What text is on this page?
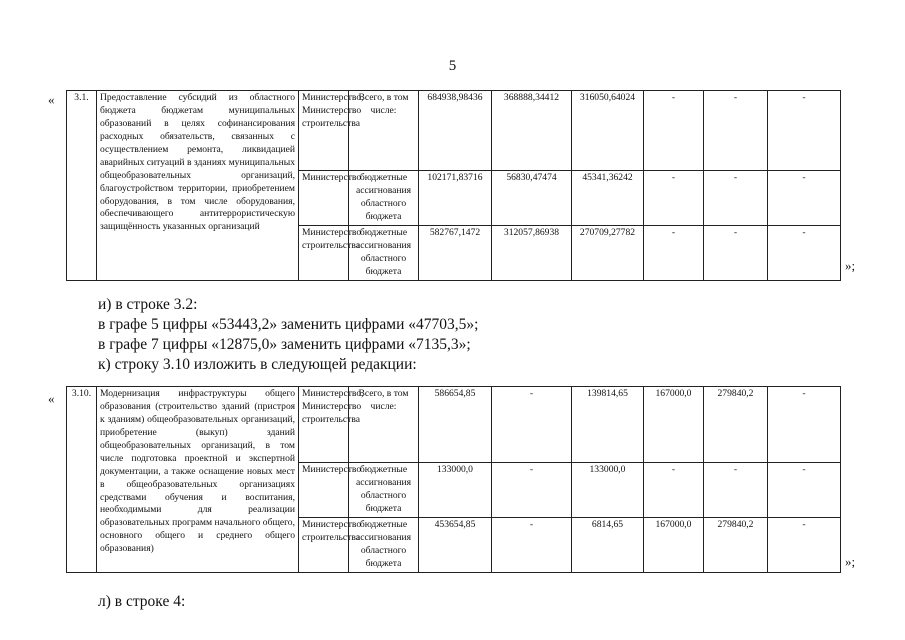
5
« 3.1.	Предоставление субсидий из областного бюджета бюджетам муниципальных образований в целях софинансирования расходных обязательств, связанных с осуществлением ремонта, ликвидацией аварийных ситуаций в зданиях муниципальных общеобразовательных организаций, благоустройством территории, приобретением оборудования, в том числе оборудования, обеспечивающего антитеррористическую защищённость указанных организаций	Министерство, Министерство строительства	Всего, в том числе:	684938,98436	368888,34412	316050,64024	-	-	-
		Министерство	бюджетные ассигнования областного бюджета	102171,83716	56830,47474	45341,36242	-	-	-
		Министерство строительства	бюджетные ассигнования областного бюджета	582767,1472	312057,86938	270709,27782	-	-	-
»;
и) в строке 3.2:
в графе 5 цифры «53443,2» заменить цифрами «47703,5»;
в графе 7 цифры «12875,0» заменить цифрами «7135,3»;
к) строку 3.10 изложить в следующей редакции:
« 3.10.	Модернизация инфраструктуры общего образования (строительство зданий (пристроя к зданиям) общеобразовательных организаций, приобретение (выкуп) зданий общеобразовательных организаций, в том числе подготовка проектной и экспертной документации, а также оснащение новых мест в общеобразовательных организациях средствами обучения и воспитания, необходимыми для реализации образовательных программ начального общего, основного общего и среднего общего образования)	Министерство, Министерство строительства	Всего, в том числе:	586654,85	-	139814,65	167000,0	279840,2	-
		Министерство	бюджетные ассигнования областного бюджета	133000,0	-	133000,0	-	-	-
		Министерство строительства	бюджетные ассигнования областного бюджета	453654,85	-	6814,65	167000,0	279840,2	-
»;
л) в строке 4:
